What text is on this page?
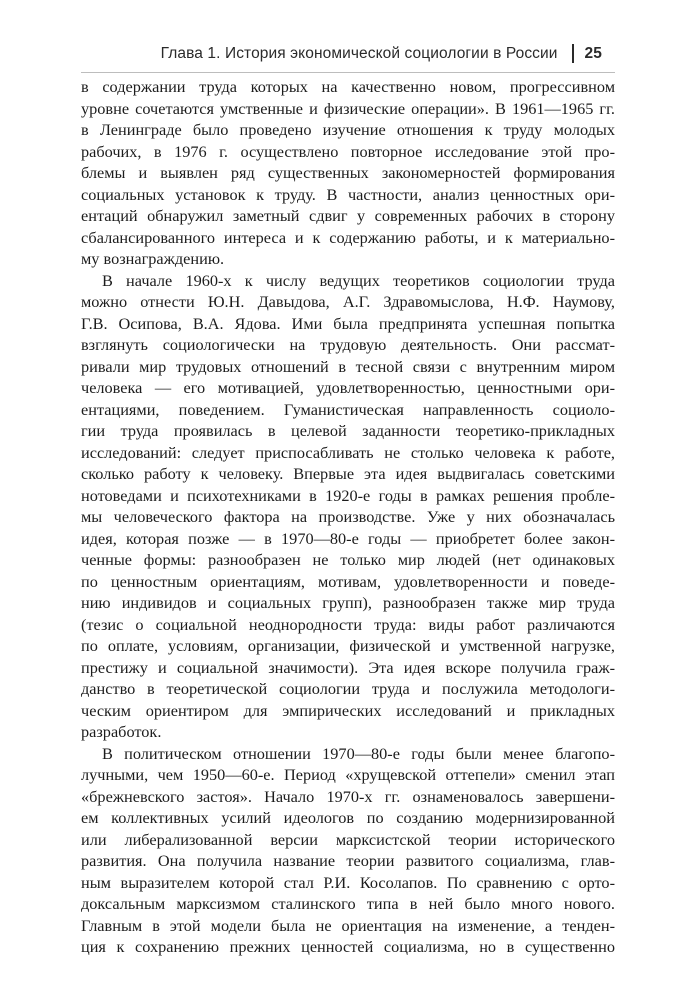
Глава 1. История экономической социологии в России 25
в содержании труда которых на качественно новом, прогрессивном
уровне сочетаются умственные и физические операции». В 1961—1965 гг.
в Ленинграде было проведено изучение отношения к труду молодых
рабочих, в 1976 г. осуществлено повторное исследование этой про-
блемы и выявлен ряд существенных закономерностей формирования
социальных установок к труду. В частности, анализ ценностных ори-
ентаций обнаружил заметный сдвиг у современных рабочих в сторону
сбалансированного интереса и к содержанию работы, и к материально-
му вознаграждению.
В начале 1960-х к числу ведущих теоретиков социологии труда
можно отнести Ю.Н. Давыдова, А.Г. Здравомыслова, Н.Ф. Наумову,
Г.В. Осипова, В.А. Ядова. Ими была предпринята успешная попытка
взглянуть социологически на трудовую деятельность. Они рассмат-
ривали мир трудовых отношений в тесной связи с внутренним миром
человека — его мотивацией, удовлетворенностью, ценностными ори-
ентациями, поведением. Гуманистическая направленность социоло-
гии труда проявилась в целевой заданности теоретико-прикладных
исследований: следует приспосабливать не столько человека к работе,
сколько работу к человеку. Впервые эта идея выдвигалась советскими
нотоведами и психотехниками в 1920-е годы в рамках решения пробле-
мы человеческого фактора на производстве. Уже у них обозначалась
идея, которая позже — в 1970—80-е годы — приобретет более закон-
ченные формы: разнообразен не только мир людей (нет одинаковых
по ценностным ориентациям, мотивам, удовлетворенности и поведе-
нию индивидов и социальных групп), разнообразен также мир труда
(тезис о социальной неоднородности труда: виды работ различаются
по оплате, условиям, организации, физической и умственной нагрузке,
престижу и социальной значимости). Эта идея вскоре получила граж-
данство в теоретической социологии труда и послужила методологи-
ческим ориентиром для эмпирических исследований и прикладных
разработок.
В политическом отношении 1970—80-е годы были менее благопо-
лучными, чем 1950—60-е. Период «хрущевской оттепели» сменил этап
«брежневского застоя». Начало 1970-х гг. ознаменовалось завершени-
ем коллективных усилий идеологов по созданию модернизированной
или либерализованной версии марксистской теории исторического
развития. Она получила название теории развитого социализма, глав-
ным выразителем которой стал Р.И. Косолапов. По сравнению с орто-
доксальным марксизмом сталинского типа в ней было много нового.
Главным в этой модели была не ориентация на изменение, а тенден-
ция к сохранению прежних ценностей социализма, но в существенно
